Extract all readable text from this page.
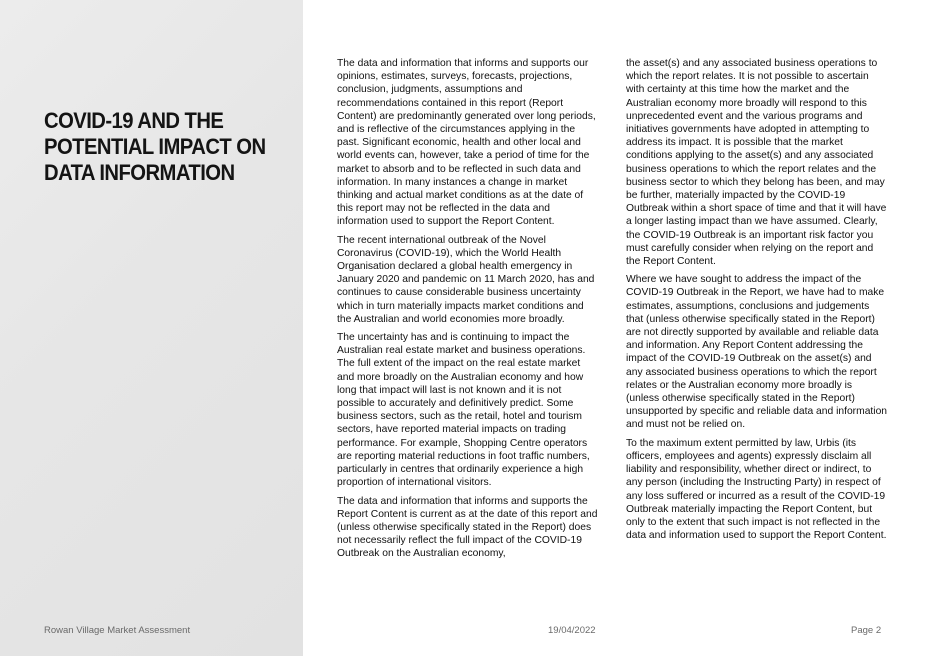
COVID-19 AND THE
POTENTIAL IMPACT ON
DATA INFORMATION

The data and information that informs and supports our opinions, estimates, surveys, forecasts, projections, conclusion, judgments, assumptions and recommendations contained in this report (Report Content) are predominantly generated over long periods, and is reflective of the circumstances applying in the past. Significant economic, health and other local and world events can, however, take a period of time for the market to absorb and to be reflected in such data and information. In many instances a change in market thinking and actual market conditions as at the date of this report may not be reflected in the data and information used to support the Report Content.

The recent international outbreak of the Novel Coronavirus (COVID-19), which the World Health Organisation declared a global health emergency in January 2020 and pandemic on 11 March 2020, has and continues to cause considerable business uncertainty which in turn materially impacts market conditions and the Australian and world economies more broadly.

The uncertainty has and is continuing to impact the Australian real estate market and business operations. The full extent of the impact on the real estate market and more broadly on the Australian economy and how long that impact will last is not known and it is not possible to accurately and definitively predict. Some business sectors, such as the retail, hotel and tourism sectors, have reported material impacts on trading performance. For example, Shopping Centre operators are reporting material reductions in foot traffic numbers, particularly in centres that ordinarily experience a high proportion of international visitors.

The data and information that informs and supports the Report Content is current as at the date of this report and (unless otherwise specifically stated in the Report) does not necessarily reflect the full impact of the COVID-19 Outbreak on the Australian economy,

the asset(s) and any associated business operations to which the report relates. It is not possible to ascertain with certainty at this time how the market and the Australian economy more broadly will respond to this unprecedented event and the various programs and initiatives governments have adopted in attempting to address its impact. It is possible that the market conditions applying to the asset(s) and any associated business operations to which the report relates and the business sector to which they belong has been, and may be further, materially impacted by the COVID-19 Outbreak within a short space of time and that it will have a longer lasting impact than we have assumed. Clearly, the COVID-19 Outbreak is an important risk factor you must carefully consider when relying on the report and the Report Content.

Where we have sought to address the impact of the COVID-19 Outbreak in the Report, we have had to make estimates, assumptions, conclusions and judgements that (unless otherwise specifically stated in the Report) are not directly supported by available and reliable data and information. Any Report Content addressing the impact of the COVID-19 Outbreak on the asset(s) and any associated business operations to which the report relates or the Australian economy more broadly is (unless otherwise specifically stated in the Report) unsupported by specific and reliable data and information and must not be relied on.

To the maximum extent permitted by law, Urbis (its officers, employees and agents) expressly disclaim all liability and responsibility, whether direct or indirect, to any person (including the Instructing Party) in respect of any loss suffered or incurred as a result of the COVID-19 Outbreak materially impacting the Report Content, but only to the extent that such impact is not reflected in the data and information used to support the Report Content.

Rowan Village Market Assessment	19/04/2022	Page 2
